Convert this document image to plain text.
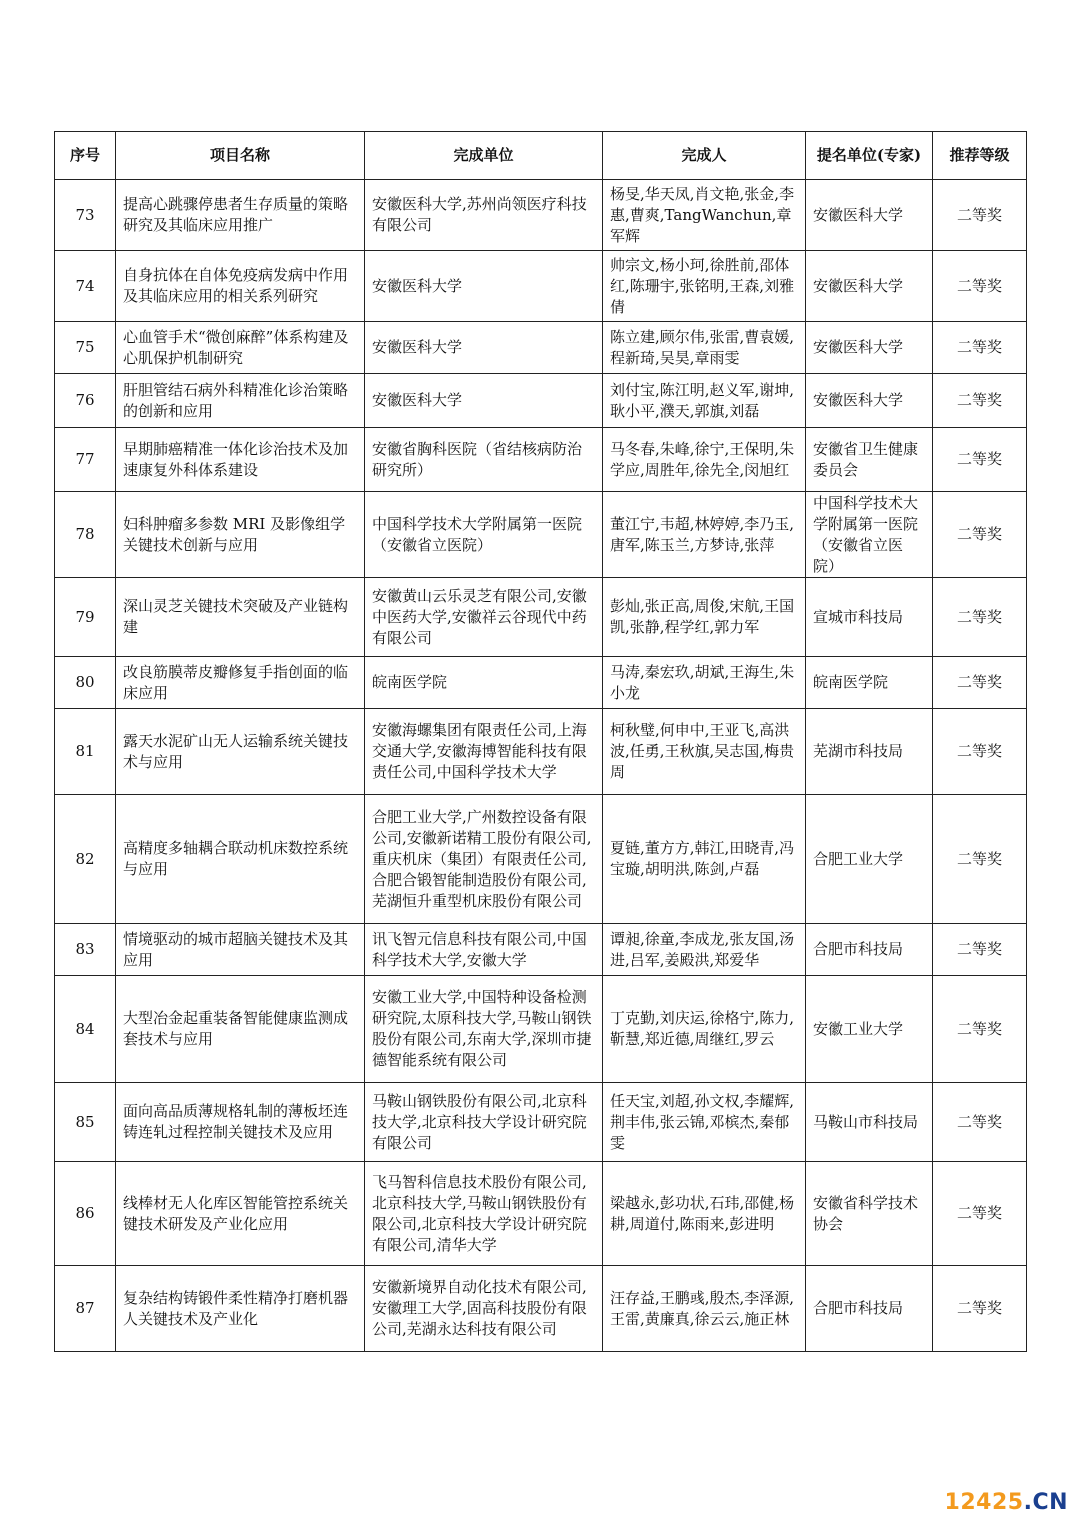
序号	项目名称	完成单位	完成人	提名单位(专家)	推荐等级
73	提高心跳骤停患者生存质量的策略研究及其临床应用推广	安徽医科大学,苏州尚领医疗科技有限公司	杨旻,华天凤,肖文艳,张金,李惠,曹爽,TangWanchun,章军辉	安徽医科大学	二等奖
74	自身抗体在自体免疫病发病中作用及其临床应用的相关系列研究	安徽医科大学	帅宗文,杨小珂,徐胜前,邵体红,陈珊宇,张铭明,王森,刘雅倩	安徽医科大学	二等奖
75	心血管手术“微创麻醉”体系构建及心肌保护机制研究	安徽医科大学	陈立建,顾尔伟,张雷,曹袁媛,程新琦,吴昊,章雨雯	安徽医科大学	二等奖
76	肝胆管结石病外科精准化诊治策略的创新和应用	安徽医科大学	刘付宝,陈江明,赵义军,谢坤,耿小平,濮天,郭旗,刘磊	安徽医科大学	二等奖
77	早期肺癌精准一体化诊治技术及加速康复外科体系建设	安徽省胸科医院（省结核病防治研究所）	马冬春,朱峰,徐宁,王保明,朱学应,周胜年,徐先全,闵旭红	安徽省卫生健康委员会	二等奖
78	妇科肿瘤多参数 MRI 及影像组学关键技术创新与应用	中国科学技术大学附属第一医院（安徽省立医院）	董江宁,韦超,林婷婷,李乃玉,唐军,陈玉兰,方梦诗,张萍	中国科学技术大学附属第一医院（安徽省立医院）	二等奖
79	深山灵芝关键技术突破及产业链构建	安徽黄山云乐灵芝有限公司,安徽中医药大学,安徽祥云谷现代中药有限公司	彭灿,张正高,周俊,宋航,王国凯,张静,程学红,郭力军	宣城市科技局	二等奖
80	改良筋膜蒂皮瓣修复手指创面的临床应用	皖南医学院	马涛,秦宏玖,胡斌,王海生,朱小龙	皖南医学院	二等奖
81	露天水泥矿山无人运输系统关键技术与应用	安徽海螺集团有限责任公司,上海交通大学,安徽海博智能科技有限责任公司,中国科学技术大学	柯秋璧,何申中,王亚飞,高洪波,任勇,王秋旗,吴志国,梅贵周	芜湖市科技局	二等奖
82	高精度多轴耦合联动机床数控系统与应用	合肥工业大学,广州数控设备有限公司,安徽新诺精工股份有限公司,重庆机床（集团）有限责任公司,合肥合锻智能制造股份有限公司,芜湖恒升重型机床股份有限公司	夏链,董方方,韩江,田晓青,冯宝璇,胡明洪,陈剑,卢磊	合肥工业大学	二等奖
83	情境驱动的城市超脑关键技术及其应用	讯飞智元信息科技有限公司,中国科学技术大学,安徽大学	谭昶,徐童,李成龙,张友国,汤进,吕军,姜殿洪,郑爱华	合肥市科技局	二等奖
84	大型冶金起重装备智能健康监测成套技术与应用	安徽工业大学,中国特种设备检测研究院,太原科技大学,马鞍山钢铁股份有限公司,东南大学,深圳市捷德智能系统有限公司	丁克勤,刘庆运,徐格宁,陈力,靳慧,郑近德,周继红,罗云	安徽工业大学	二等奖
85	面向高品质薄规格轧制的薄板坯连铸连轧过程控制关键技术及应用	马鞍山钢铁股份有限公司,北京科技大学,北京科技大学设计研究院有限公司	任天宝,刘超,孙文权,李耀辉,荆丰伟,张云锦,邓槟杰,秦郁雯	马鞍山市科技局	二等奖
86	线棒材无人化库区智能管控系统关键技术研发及产业化应用	飞马智科信息技术股份有限公司,北京科技大学,马鞍山钢铁股份有限公司,北京科技大学设计研究院有限公司,清华大学	梁越永,彭功状,石玮,邵健,杨耕,周道付,陈雨来,彭进明	安徽省科学技术协会	二等奖
87	复杂结构铸锻件柔性精净打磨机器人关键技术及产业化	安徽新境界自动化技术有限公司,安徽理工大学,固高科技股份有限公司,芜湖永达科技有限公司	汪存益,王鹏彧,殷杰,李泽源,王雷,黄廉真,徐云云,施正林	合肥市科技局	二等奖
12425.CN
